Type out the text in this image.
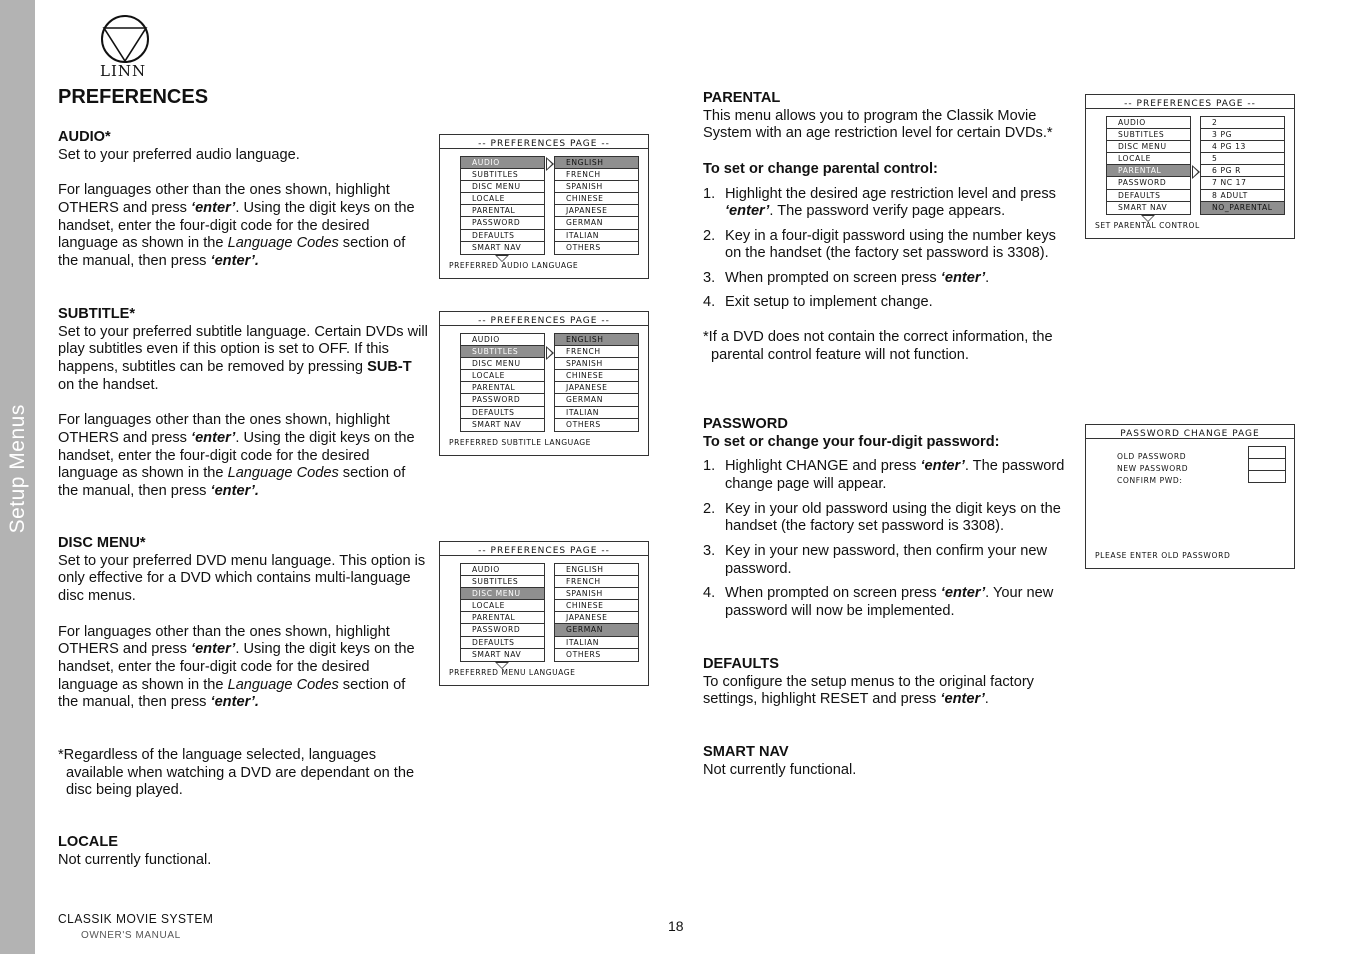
Setup Menus
LINN
PREFERENCES

AUDIO*

Set to your preferred audio language.

For languages other than the ones shown, highlight OTHERS and press ‘enter’. Using the digit keys on the handset, enter the four-digit code for the desired language as shown in the Language Codes section of the manual, then press ‘enter’.

SUBTITLE*

Set to your preferred subtitle language. Certain DVDs will play subtitles even if this option is set to OFF. If this happens, subtitles can be removed by pressing SUB-T on the handset.

For languages other than the ones shown, highlight OTHERS and press ‘enter’. Using the digit keys on the handset, enter the four-digit code for the desired language as shown in the Language Codes section of the manual, then press ‘enter’.

DISC MENU*

Set to your preferred DVD menu language. This option is only effective for a DVD which contains multi-language disc menus.

For languages other than the ones shown, highlight OTHERS and press ‘enter’. Using the digit keys on the handset, enter the four-digit code for the desired language as shown in the Language Codes section of the manual, then press ‘enter’.

*Regardless of the language selected, languages available when watching a DVD are dependant on the disc being played.

LOCALE

Not currently functional.

-- PREFERENCES PAGE --
AUDIO
SUBTITLES
DISC MENU
LOCALE
PARENTAL
PASSWORD
DEFAULTS
SMART NAV
ENGLISH
FRENCH
SPANISH
CHINESE
JAPANESE
GERMAN
ITALIAN
OTHERS
PREFERRED AUDIO LANGUAGE
-- PREFERENCES PAGE --
AUDIO
SUBTITLES
DISC MENU
LOCALE
PARENTAL
PASSWORD
DEFAULTS
SMART NAV
ENGLISH
FRENCH
SPANISH
CHINESE
JAPANESE
GERMAN
ITALIAN
OTHERS
PREFERRED SUBTITLE LANGUAGE
-- PREFERENCES PAGE --
AUDIO
SUBTITLES
DISC MENU
LOCALE
PARENTAL
PASSWORD
DEFAULTS
SMART NAV
ENGLISH
FRENCH
SPANISH
CHINESE
JAPANESE
GERMAN
ITALIAN
OTHERS
PREFERRED MENU LANGUAGE

PARENTAL

This menu allows you to program the Classik Movie System with an age restriction level for certain DVDs.*

To set or change parental control:

1. Highlight the desired age restriction level and press ‘enter’. The password verify page appears.
2. Key in a four-digit password using the number keys on the handset (the factory set password is 3308).
3. When prompted on screen press ‘enter’.
4. Exit setup to implement change.

*If a DVD does not contain the correct information, the parental control feature will not function.

PASSWORD

To set or change your four-digit password:

1. Highlight CHANGE and press ‘enter’. The password change page will appear.
2. Key in your old password using the digit keys on the handset (the factory set password is 3308).
3. Key in your new password, then confirm your new password.
4. When prompted on screen press ‘enter’. Your new password will now be implemented.

DEFAULTS

To configure the setup menus to the original factory settings, highlight RESET and press ‘enter’.

SMART NAV

Not currently functional.

-- PREFERENCES PAGE --
AUDIO
SUBTITLES
DISC MENU
LOCALE
PARENTAL
PASSWORD
DEFAULTS
SMART NAV
2
3 PG
4 PG 13
5
6 PG R
7 NC 17
8 ADULT
NO_PARENTAL
SET PARENTAL CONTROL
PASSWORD CHANGE PAGE
OLD PASSWORD
NEW PASSWORD
CONFIRM PWD:
PLEASE ENTER OLD PASSWORD
CLASSIK MOVIE SYSTEM
OWNER'S MANUAL
18
